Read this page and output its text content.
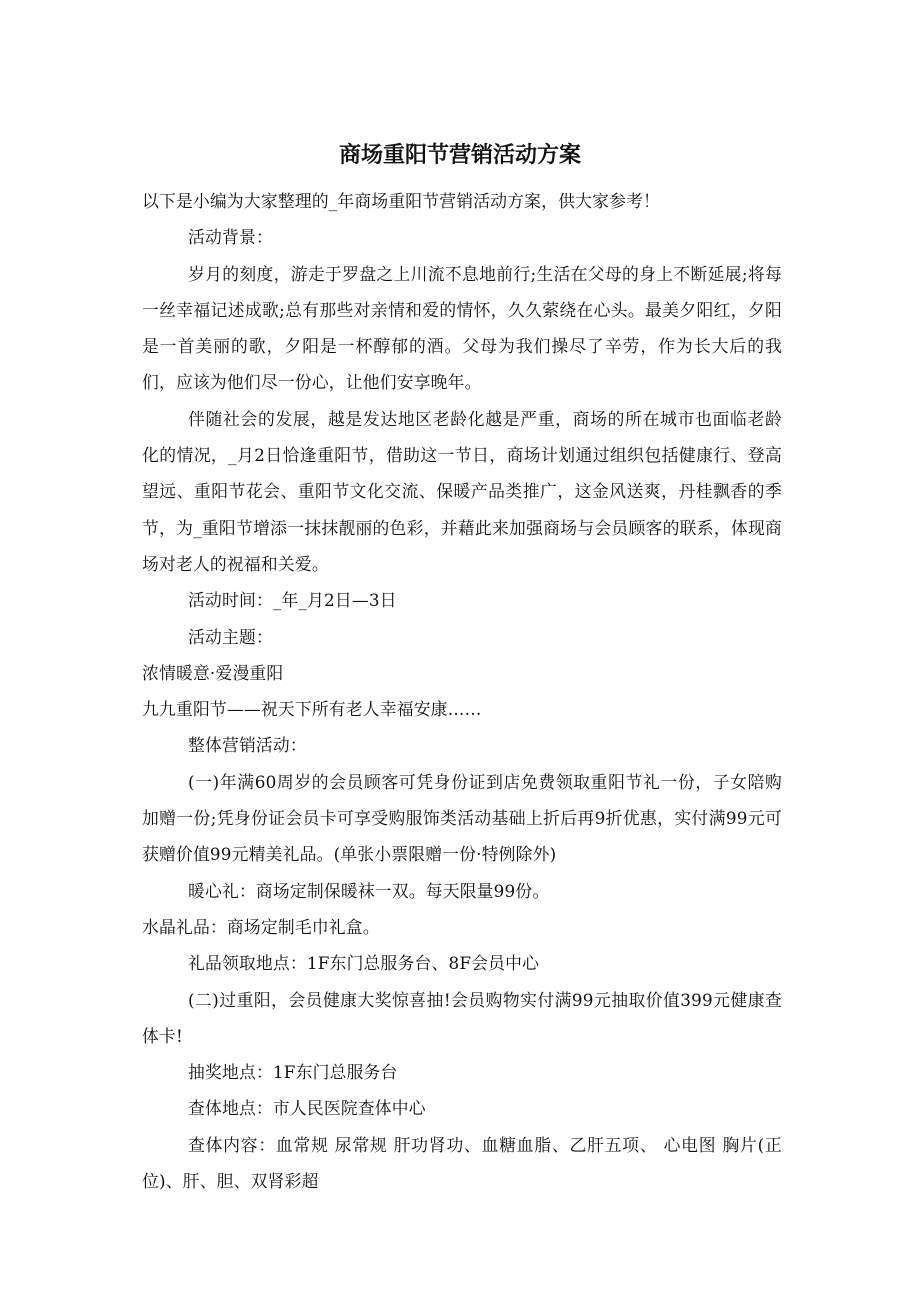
商场重阳节营销活动方案

以下是小编为大家整理的_年商场重阳节营销活动方案，供大家参考！

活动背景：

岁月的刻度，游走于罗盘之上川流不息地前行;生活在父母的身上不断延展;将每一丝幸福记述成歌;总有那些对亲情和爱的情怀，久久萦绕在心头。最美夕阳红，夕阳是一首美丽的歌，夕阳是一杯醇郁的酒。父母为我们操尽了辛劳，作为长大后的我们，应该为他们尽一份心，让他们安享晚年。

伴随社会的发展，越是发达地区老龄化越是严重，商场的所在城市也面临老龄化的情况，_月2日恰逢重阳节，借助这一节日，商场计划通过组织包括健康行、登高望远、重阳节花会、重阳节文化交流、保暖产品类推广，这金风送爽，丹桂飘香的季节，为_重阳节增添一抹抹靓丽的色彩，并藉此来加强商场与会员顾客的联系，体现商场对老人的祝福和关爱。

活动时间：_年_月2日—3日

活动主题：

浓情暖意·爱漫重阳

九九重阳节——祝天下所有老人幸福安康……

整体营销活动：

(一)年满60周岁的会员顾客可凭身份证到店免费领取重阳节礼一份，子女陪购加赠一份;凭身份证会员卡可享受购服饰类活动基础上折后再9折优惠，实付满99元可获赠价值99元精美礼品。(单张小票限赠一份·特例除外)

暖心礼：商场定制保暖袜一双。每天限量99份。

水晶礼品：商场定制毛巾礼盒。

礼品领取地点：1F东门总服务台、8F会员中心

(二)过重阳，会员健康大奖惊喜抽!会员购物实付满99元抽取价值399元健康查体卡!

抽奖地点：1F东门总服务台

查体地点：市人民医院查体中心

查体内容：血常规 尿常规 肝功肾功、血糖血脂、乙肝五项、 心电图 胸片(正位)、肝、胆、双肾彩超
